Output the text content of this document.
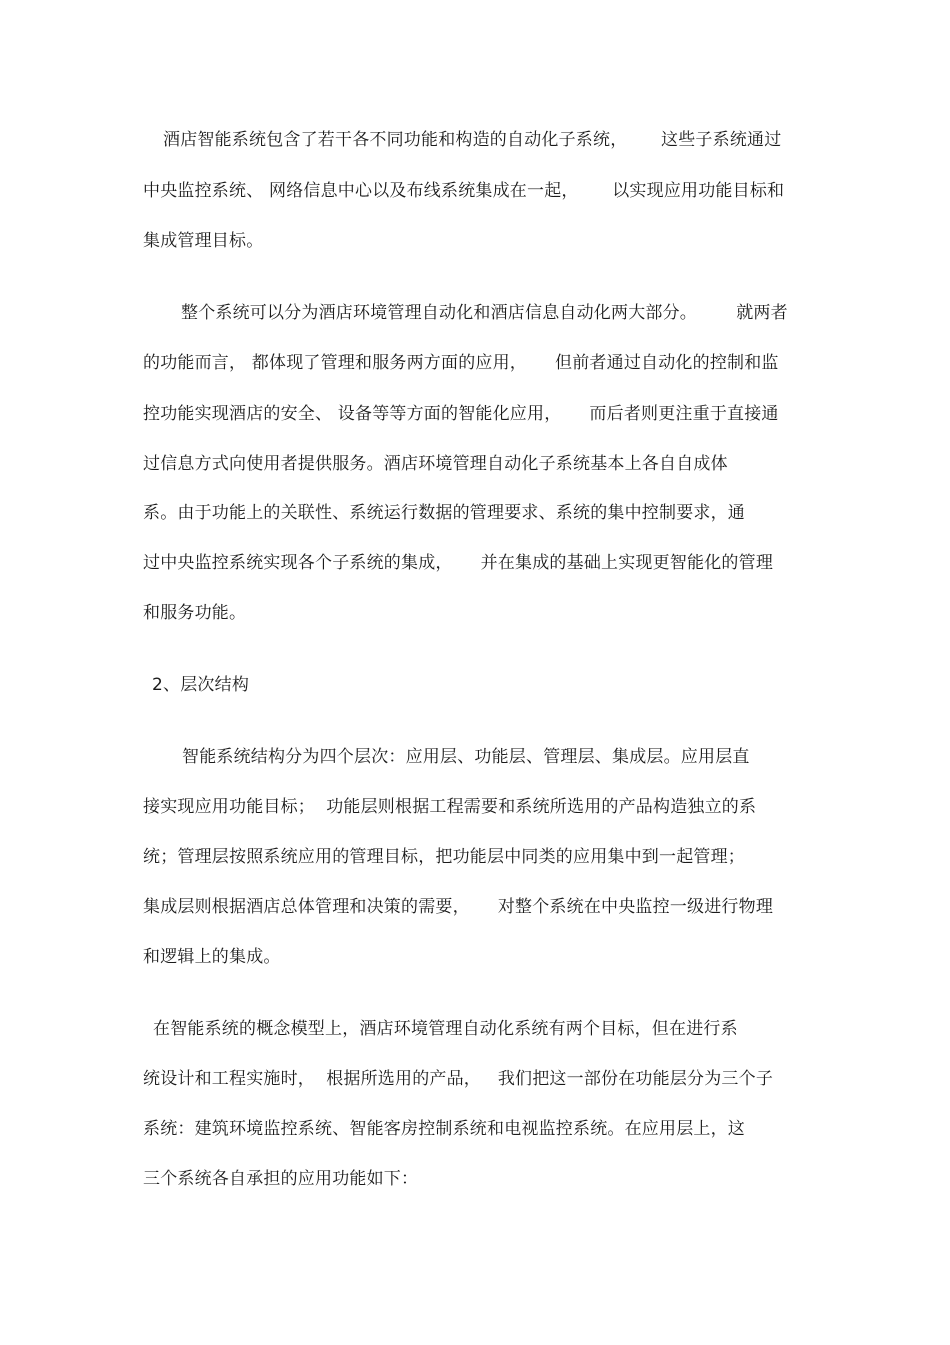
酒店智能系统包含了若干各不同功能和构造的自动化子系统，      这些子系统通过
中央监控系统、 网络信息中心以及布线系统集成在一起，      以实现应用功能目标和
集成管理目标。
整个系统可以分为酒店环境管理自动化和酒店信息自动化两大部分。       就两者
的功能而言， 都体现了管理和服务两方面的应用，     但前者通过自动化的控制和监
控功能实现酒店的安全、 设备等等方面的智能化应用，     而后者则更注重于直接通
过信息方式向使用者提供服务。酒店环境管理自动化子系统基本上各自自成体
系。由于功能上的关联性、系统运行数据的管理要求、系统的集中控制要求，通
过中央监控系统实现各个子系统的集成，     并在集成的基础上实现更智能化的管理
和服务功能。
2、层次结构
智能系统结构分为四个层次：应用层、功能层、管理层、集成层。应用层直
接实现应用功能目标；  功能层则根据工程需要和系统所选用的产品构造独立的系
统；管理层按照系统应用的管理目标，把功能层中同类的应用集中到一起管理；
集成层则根据酒店总体管理和决策的需要，     对整个系统在中央监控一级进行物理
和逻辑上的集成。
在智能系统的概念模型上，酒店环境管理自动化系统有两个目标，但在进行系
统设计和工程实施时，  根据所选用的产品，   我们把这一部份在功能层分为三个子
系统：建筑环境监控系统、智能客房控制系统和电视监控系统。在应用层上，这
三个系统各自承担的应用功能如下：
